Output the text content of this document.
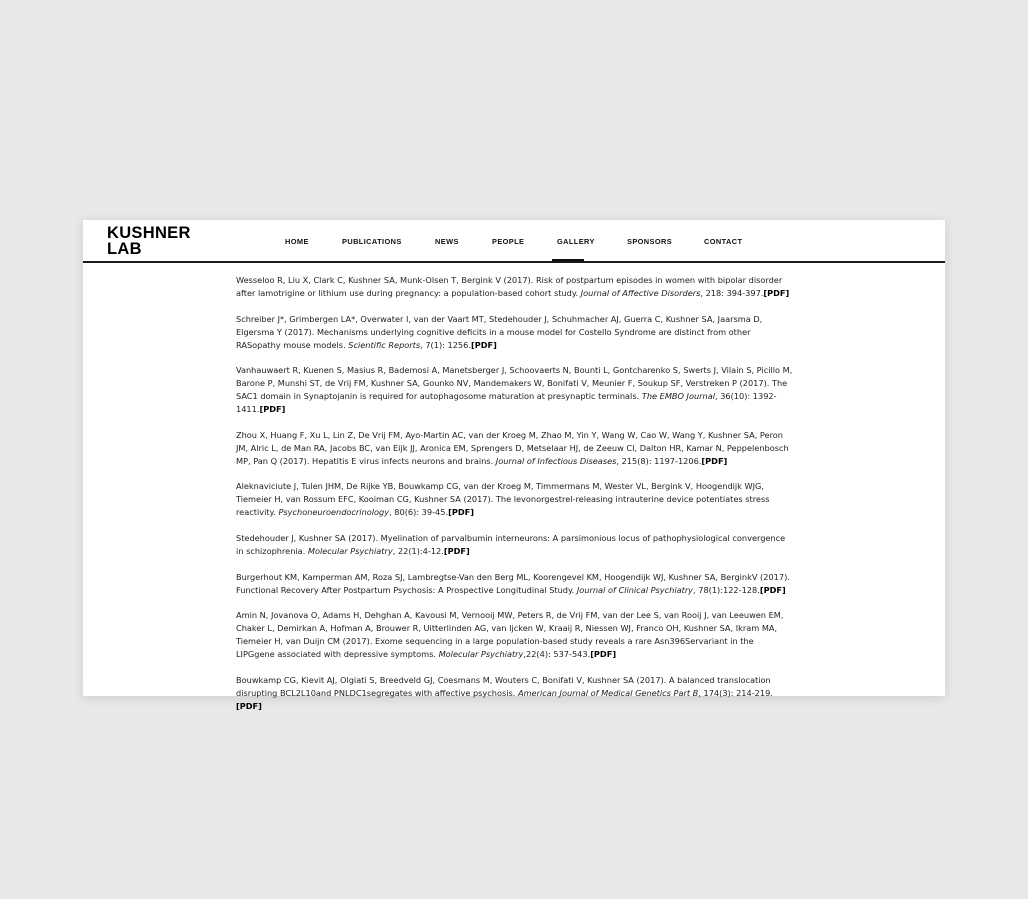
KUSHNER
LAB	HOME	PUBLICATIONS	NEWS	PEOPLE	GALLERY	SPONSORS	CONTACT

Wesseloo R, Liu X, Clark C, Kushner SA, Munk-Olsen T, Bergink V (2017). Risk of postpartum episodes in women with bipolar disorder after lamotrigine or lithium use during pregnancy: a population-based cohort study. Journal of Affective Disorders, 218: 394-397.[PDF]

Schreiber J*, Grimbergen LA*, Overwater I, van der Vaart MT, Stedehouder J, Schuhmacher AJ, Guerra C, Kushner SA, Jaarsma D, Elgersma Y (2017). Mechanisms underlying cognitive deficits in a mouse model for Costello Syndrome are distinct from other RASopathy mouse models. Scientific Reports, 7(1): 1256.[PDF]

Vanhauwaert R, Kuenen S, Masius R, Bademosi A, Manetsberger J, Schoovaerts N, Bounti L, Gontcharenko S, Swerts J, Vilain S, Picillo M, Barone P, Munshi ST, de Vrij FM, Kushner SA, Gounko NV, Mandemakers W, Bonifati V, Meunier F, Soukup SF, Verstreken P (2017). The SAC1 domain in Synaptojanin is required for autophagosome maturation at presynaptic terminals. The EMBO Journal, 36(10): 1392-1411.[PDF]

Zhou X, Huang F, Xu L, Lin Z, De Vrij FM, Ayo-Martin AC, van der Kroeg M, Zhao M, Yin Y, Wang W, Cao W, Wang Y, Kushner SA, Peron JM, Alric L, de Man RA, Jacobs BC, van Eijk JJ, Aronica EM, Sprengers D, Metselaar HJ, de Zeeuw CI, Dalton HR, Kamar N, Peppelenbosch MP, Pan Q (2017). Hepatitis E virus infects neurons and brains. Journal of Infectious Diseases, 215(8): 1197-1206.[PDF]

Aleknaviciute J, Tulen JHM, De Rijke YB, Bouwkamp CG, van der Kroeg M, Timmermans M, Wester VL, Bergink V, Hoogendijk WJG, Tiemeier H, van Rossum EFC, Kooiman CG, Kushner SA (2017). The levonorgestrel-releasing intrauterine device potentiates stress reactivity. Psychoneuroendocrinology, 80(6): 39-45.[PDF]

Stedehouder J, Kushner SA (2017). Myelination of parvalbumin interneurons: A parsimonious locus of pathophysiological convergence in schizophrenia. Molecular Psychiatry, 22(1):4-12.[PDF]

Burgerhout KM, Kamperman AM, Roza SJ, Lambregtse-Van den Berg ML, Koorengevel KM, Hoogendijk WJ, Kushner SA, BerginkV (2017). Functional Recovery After Postpartum Psychosis: A Prospective Longitudinal Study. Journal of Clinical Psychiatry, 78(1):122-128.[PDF]

Amin N, Jovanova O, Adams H, Dehghan A, Kavousi M, Vernooij MW, Peters R, de Vrij FM, van der Lee S, van Rooij J, van Leeuwen EM, Chaker L, Demirkan A, Hofman A, Brouwer R, Uitterlinden AG, van Ijcken W, Kraaij R, Niessen WJ, Franco OH, Kushner SA, Ikram MA, Tiemeier H, van Duijn CM (2017). Exome sequencing in a large population-based study reveals a rare Asn396Servariant in the LIPGgene associated with depressive symptoms. Molecular Psychiatry,22(4): 537-543.[PDF]

Bouwkamp CG, Kievit AJ, Olgiati S, Breedveld GJ, Coesmans M, Wouters C, Bonifati V, Kushner SA (2017). A balanced translocation disrupting BCL2L10and PNLDC1segregates with affective psychosis. American Journal of Medical Genetics Part B, 174(3): 214-219.[PDF]
